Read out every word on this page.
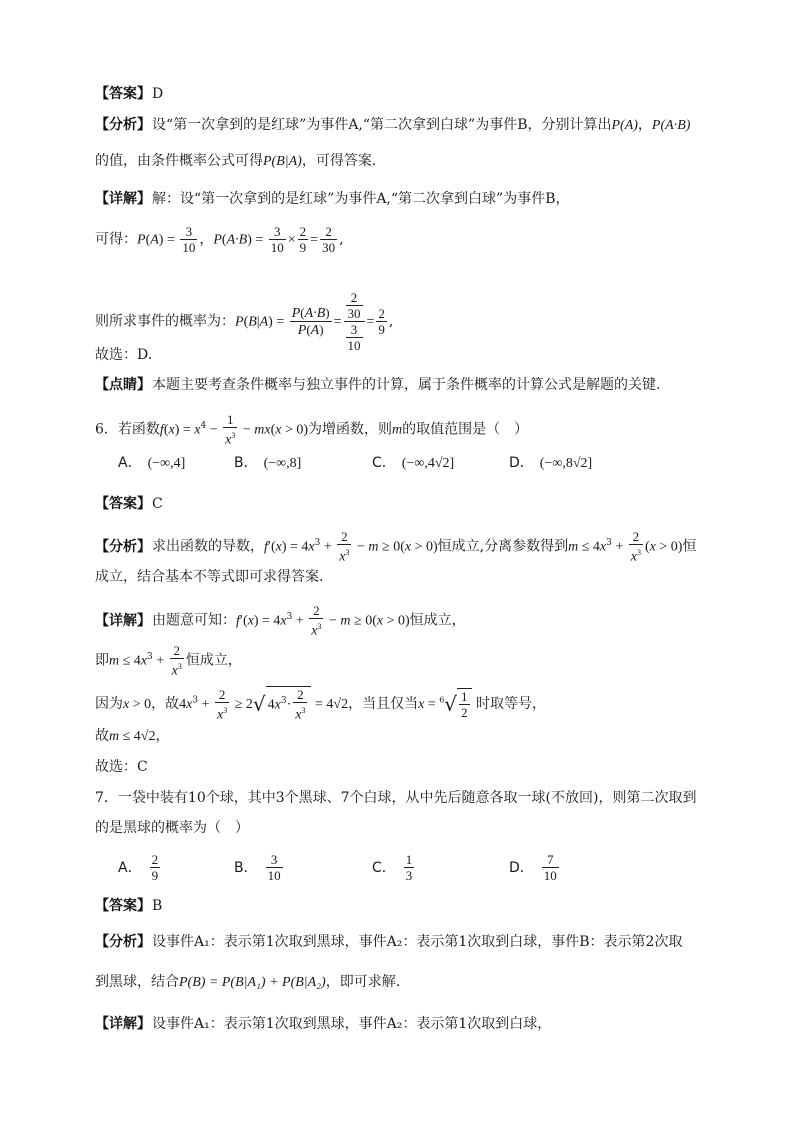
【答案】D
【分析】设“第一次拿到的是红球”为事件A,“第二次拿到白球”为事件B，分别计算出P(A)，P(A·B)
的值，由条件概率公式可得P(B|A)，可得答案.
【详解】解：设“第一次拿到的是红球”为事件A,“第二次拿到白球”为事件B，
可得：$P(A) = \frac{3}{10}$ ，$P(A\cdot B) = \frac{3}{10} \times \frac{2}{9} = \frac{2}{30}$ ,
则所求事件的概率为：$P(B|A) = \frac{P(A\cdot B)}{P(A)} = \frac{\frac{2}{30}}{\frac{3}{10}} = \frac{2}{9}$ ,
故选：D.
【点睛】本题主要考查条件概率与独立事件的计算，属于条件概率的计算公式是解题的关键.
6．若函数$f(x) = x^4 - \frac{1}{x^3} - mx(x > 0)$为增函数，则m的取值范围是（　）
A． (−∞,4]	B． (−∞,8]	C． (−∞,4√2]	D． (−∞,8√2]
【答案】C
【分析】求出函数的导数，$f'(x) = 4x^3 + \frac{2}{x^3} - m \ge 0(x > 0)$恒成立,分离参数得到$m \le 4x^3 + \frac{2}{x^3} (x > 0)$恒
成立，结合基本不等式即可求得答案.
【详解】由题意可知：$f'(x) = 4x^3 + \frac{2}{x^3} - m \ge 0(x > 0)$恒成立，
即$m \le 4x^3 + \frac{2}{x^3}$ 恒成立，
因为x > 0，故$4x^3 + \frac{2}{x^3} \ge 2√$ $4x^3\cdot \frac{2}{x^3} = 4√2$，当且仅当$x = ^6√ \frac{1}{2}$ 时取等号，
故m ≤ 4√2，
故选：C
7．一袋中装有10个球，其中3个黑球、7个白球，从中先后随意各取一球(不放回)，则第二次取到
的是黑球的概率为（　）
A． $\frac{2}{9}$	B． $\frac{3}{10}$	C． $\frac{1}{3}$	D． $\frac{7}{10}$
【答案】B
【分析】设事件A₁：表示第1次取到黑球，事件A₂：表示第1次取到白球，事件B：表示第2次取
到黑球，结合P(B) = P(B|A₁) + P(B|A₂)，即可求解.
【详解】设事件A₁：表示第1次取到黑球，事件A₂：表示第1次取到白球，
